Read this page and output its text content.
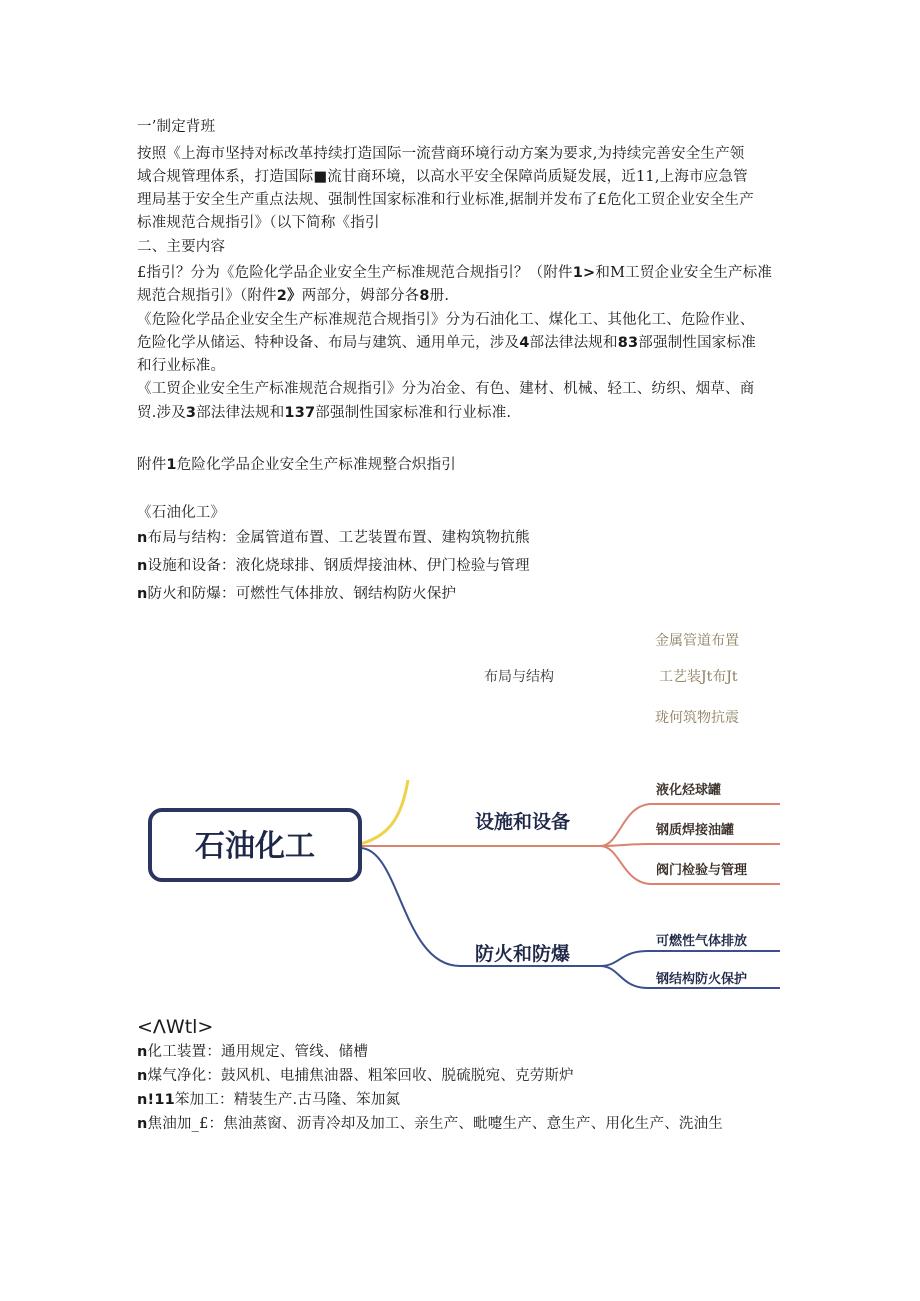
一’制定背班
按照《上海市坚持对标改革持续打造国际一流营商环境行动方案为要求,为持续完善安全生产领
域合规管理体系，打造国际■流甘商环境，以高水平安全保障尚质疑发展，近11,上海市应急管
理局基于安全生产重点法规、强制性国家标准和行业标准,据制并发布了£危化工贸企业安全生产
标准规范合规指引》（以下简称《指引
二、主要内容
£指引？分为《危险化学品企业安全生产标准规范合规指引？（附件1>和M工贸企业安全生产标准
规范合规指引》（附件2》两部分，姆部分各8册.
《危险化学品企业安全生产标准规范合规指引》分为石油化工、煤化工、其他化工、危险作业、
危险化学从储运、特种设备、布局与建筑、通用单元，涉及4部法律法规和83部强制性国家标准
和行业标准。
《工贸企业安全生产标准规范合规指引》分为冶金、有色、建材、机械、轻工、纺织、烟草、商
贸.涉及3部法律法规和137部强制性国家标准和行业标准.
附件1危险化学品企业安全生产标准规整合炽指引
《石油化工》
n布局与结构：金属管道布置、工艺装置布置、建构筑物抗熊
n设施和设备：液化烧球排、钢质焊接油林、伊门检验与管理
n防火和防爆：可燃性气体排放、钢结构防火保护
金属管道布置
布局与结构	工艺装Jt布Jt
珑何筑物抗震
石油化工
设施和设备
防火和防爆
液化烃球罐
钢质焊接油罐
阀门检验与管理
可燃性气体排放
钢结构防火保护
<ΛWtl>
n化工装置：通用规定、管线、储槽
n煤气净化：鼓风机、电捕焦油器、粗笨回收、脱硫脱宛、克劳斯炉
n!11笨加工：精装生产.古马隆、笨加氮
n焦油加_£：焦油蒸窗、沥青冷却及加工、亲生产、毗嚏生产、意生产、用化生产、洗油生
